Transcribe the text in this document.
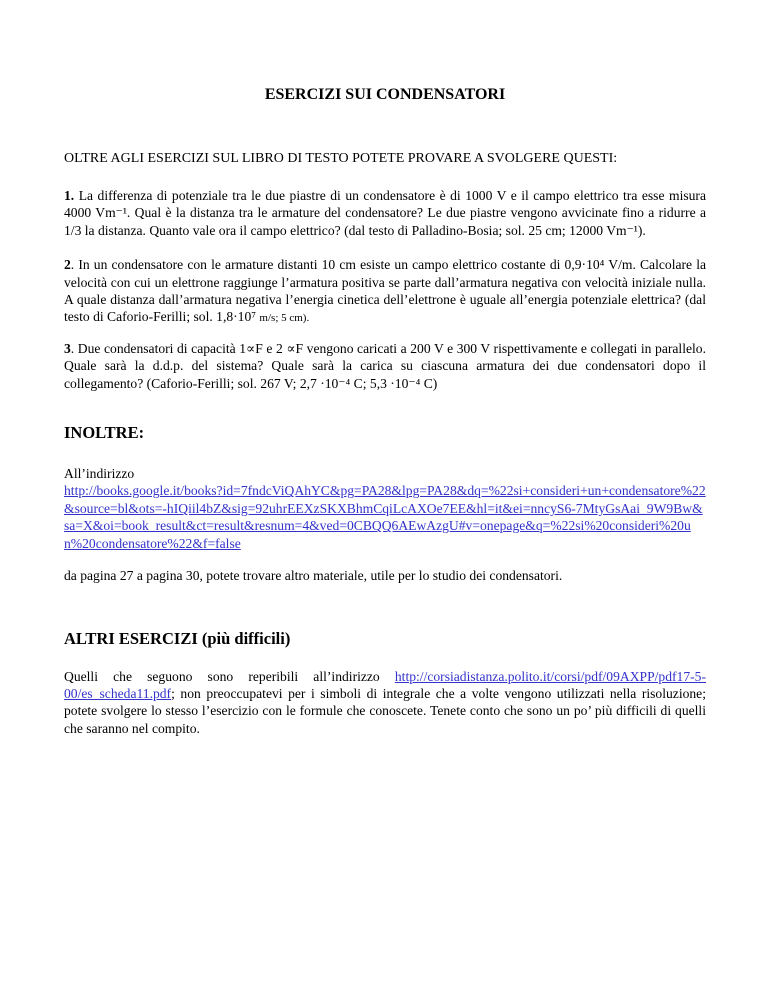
ESERCIZI SUI CONDENSATORI
OLTRE AGLI ESERCIZI SUL LIBRO DI TESTO POTETE PROVARE A SVOLGERE QUESTI:

1. La differenza di potenziale tra le due piastre di un condensatore è di 1000 V e il campo elettrico tra esse misura 4000 Vm⁻¹. Qual è la distanza tra le armature del condensatore? Le due piastre vengono avvicinate fino a ridurre a 1/3 la distanza. Quanto vale ora il campo elettrico? (dal testo di Palladino-Bosia; sol. 25 cm; 12000 Vm⁻¹).

2. In un condensatore con le armature distanti 10 cm esiste un campo elettrico costante di 0,9·10⁴ V/m. Calcolare la velocità con cui un elettrone raggiunge l’armatura positiva se parte dall’armatura negativa con velocità iniziale nulla. A quale distanza dall’armatura negativa l’energia cinetica dell’elettrone è uguale all’energia potenziale elettrica? (dal testo di Caforio-Ferilli; sol. 1,8·10⁷ m/s; 5 cm).

3. Due condensatori di capacità 1∝F e 2 ∝F vengono caricati a 200 V e 300 V rispettivamente e collegati in parallelo. Quale sarà la d.d.p. del sistema? Quale sarà la carica su ciascuna armatura dei due condensatori dopo il collegamento? (Caforio-Ferilli; sol. 267 V; 2,7 ·10⁻⁴ C; 5,3 ·10⁻⁴ C)

INOLTRE:

All’indirizzo
http://books.google.it/books?id=7fndcViQAhYC&pg=PA28&lpg=PA28&dq=%22si+consideri+un+condensatore%22&source=bl&ots=-hIQiil4bZ&sig=92uhrEEXzSKXBhmCqiLcAXOe7EE&hl=it&ei=nncyS6-7MtyGsAai_9W9Bw&sa=X&oi=book_result&ct=result&resnum=4&ved=0CBQQ6AEwAzgU#v=onepage&q=%22si%20consideri%20un%20condensatore%22&f=false

da pagina 27 a pagina 30, potete trovare altro materiale, utile per lo studio dei condensatori.

ALTRI ESERCIZI (più difficili)

Quelli che seguono sono reperibili all’indirizzo http://corsiadistanza.polito.it/corsi/pdf/09AXPP/pdf17-5-00/es_scheda11.pdf; non preoccupatevi per i simboli di integrale che a volte vengono utilizzati nella risoluzione; potete svolgere lo stesso l’esercizio con le formule che conoscete. Tenete conto che sono un po’ più difficili di quelli che saranno nel compito.
